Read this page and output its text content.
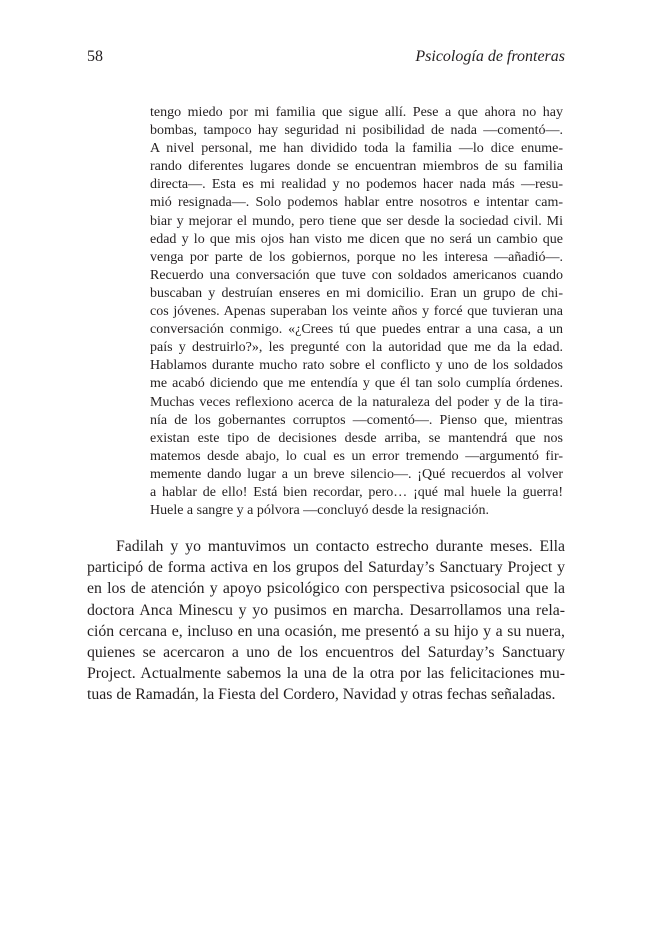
58	Psicología de fronteras
tengo miedo por mi familia que sigue allí. Pese a que ahora no hay
bombas, tampoco hay seguridad ni posibilidad de nada —comentó—.
A nivel personal, me han dividido toda la familia —lo dice enume-
rando diferentes lugares donde se encuentran miembros de su familia
directa—. Esta es mi realidad y no podemos hacer nada más —resu-
mió resignada—. Solo podemos hablar entre nosotros e intentar cam-
biar y mejorar el mundo, pero tiene que ser desde la sociedad civil. Mi
edad y lo que mis ojos han visto me dicen que no será un cambio que
venga por parte de los gobiernos, porque no les interesa —añadió—.
Recuerdo una conversación que tuve con soldados americanos cuando
buscaban y destruían enseres en mi domicilio. Eran un grupo de chi-
cos jóvenes. Apenas superaban los veinte años y forcé que tuvieran una
conversación conmigo. «¿Crees tú que puedes entrar a una casa, a un
país y destruirlo?», les pregunté con la autoridad que me da la edad.
Hablamos durante mucho rato sobre el conflicto y uno de los soldados
me acabó diciendo que me entendía y que él tan solo cumplía órdenes.
Muchas veces reflexiono acerca de la naturaleza del poder y de la tira-
nía de los gobernantes corruptos —comentó—. Pienso que, mientras
existan este tipo de decisiones desde arriba, se mantendrá que nos
matemos desde abajo, lo cual es un error tremendo —argumentó fir-
memente dando lugar a un breve silencio—. ¡Qué recuerdos al volver
a hablar de ello! Está bien recordar, pero… ¡qué mal huele la guerra!
Huele a sangre y a pólvora —concluyó desde la resignación.
Fadilah y yo mantuvimos un contacto estrecho durante meses. Ella
participó de forma activa en los grupos del Saturday’s Sanctuary Project y
en los de atención y apoyo psicológico con perspectiva psicosocial que la
doctora Anca Minescu y yo pusimos en marcha. Desarrollamos una rela-
ción cercana e, incluso en una ocasión, me presentó a su hijo y a su nuera,
quienes se acercaron a uno de los encuentros del Saturday’s Sanctuary
Project. Actualmente sabemos la una de la otra por las felicitaciones mu-
tuas de Ramadán, la Fiesta del Cordero, Navidad y otras fechas señaladas.
